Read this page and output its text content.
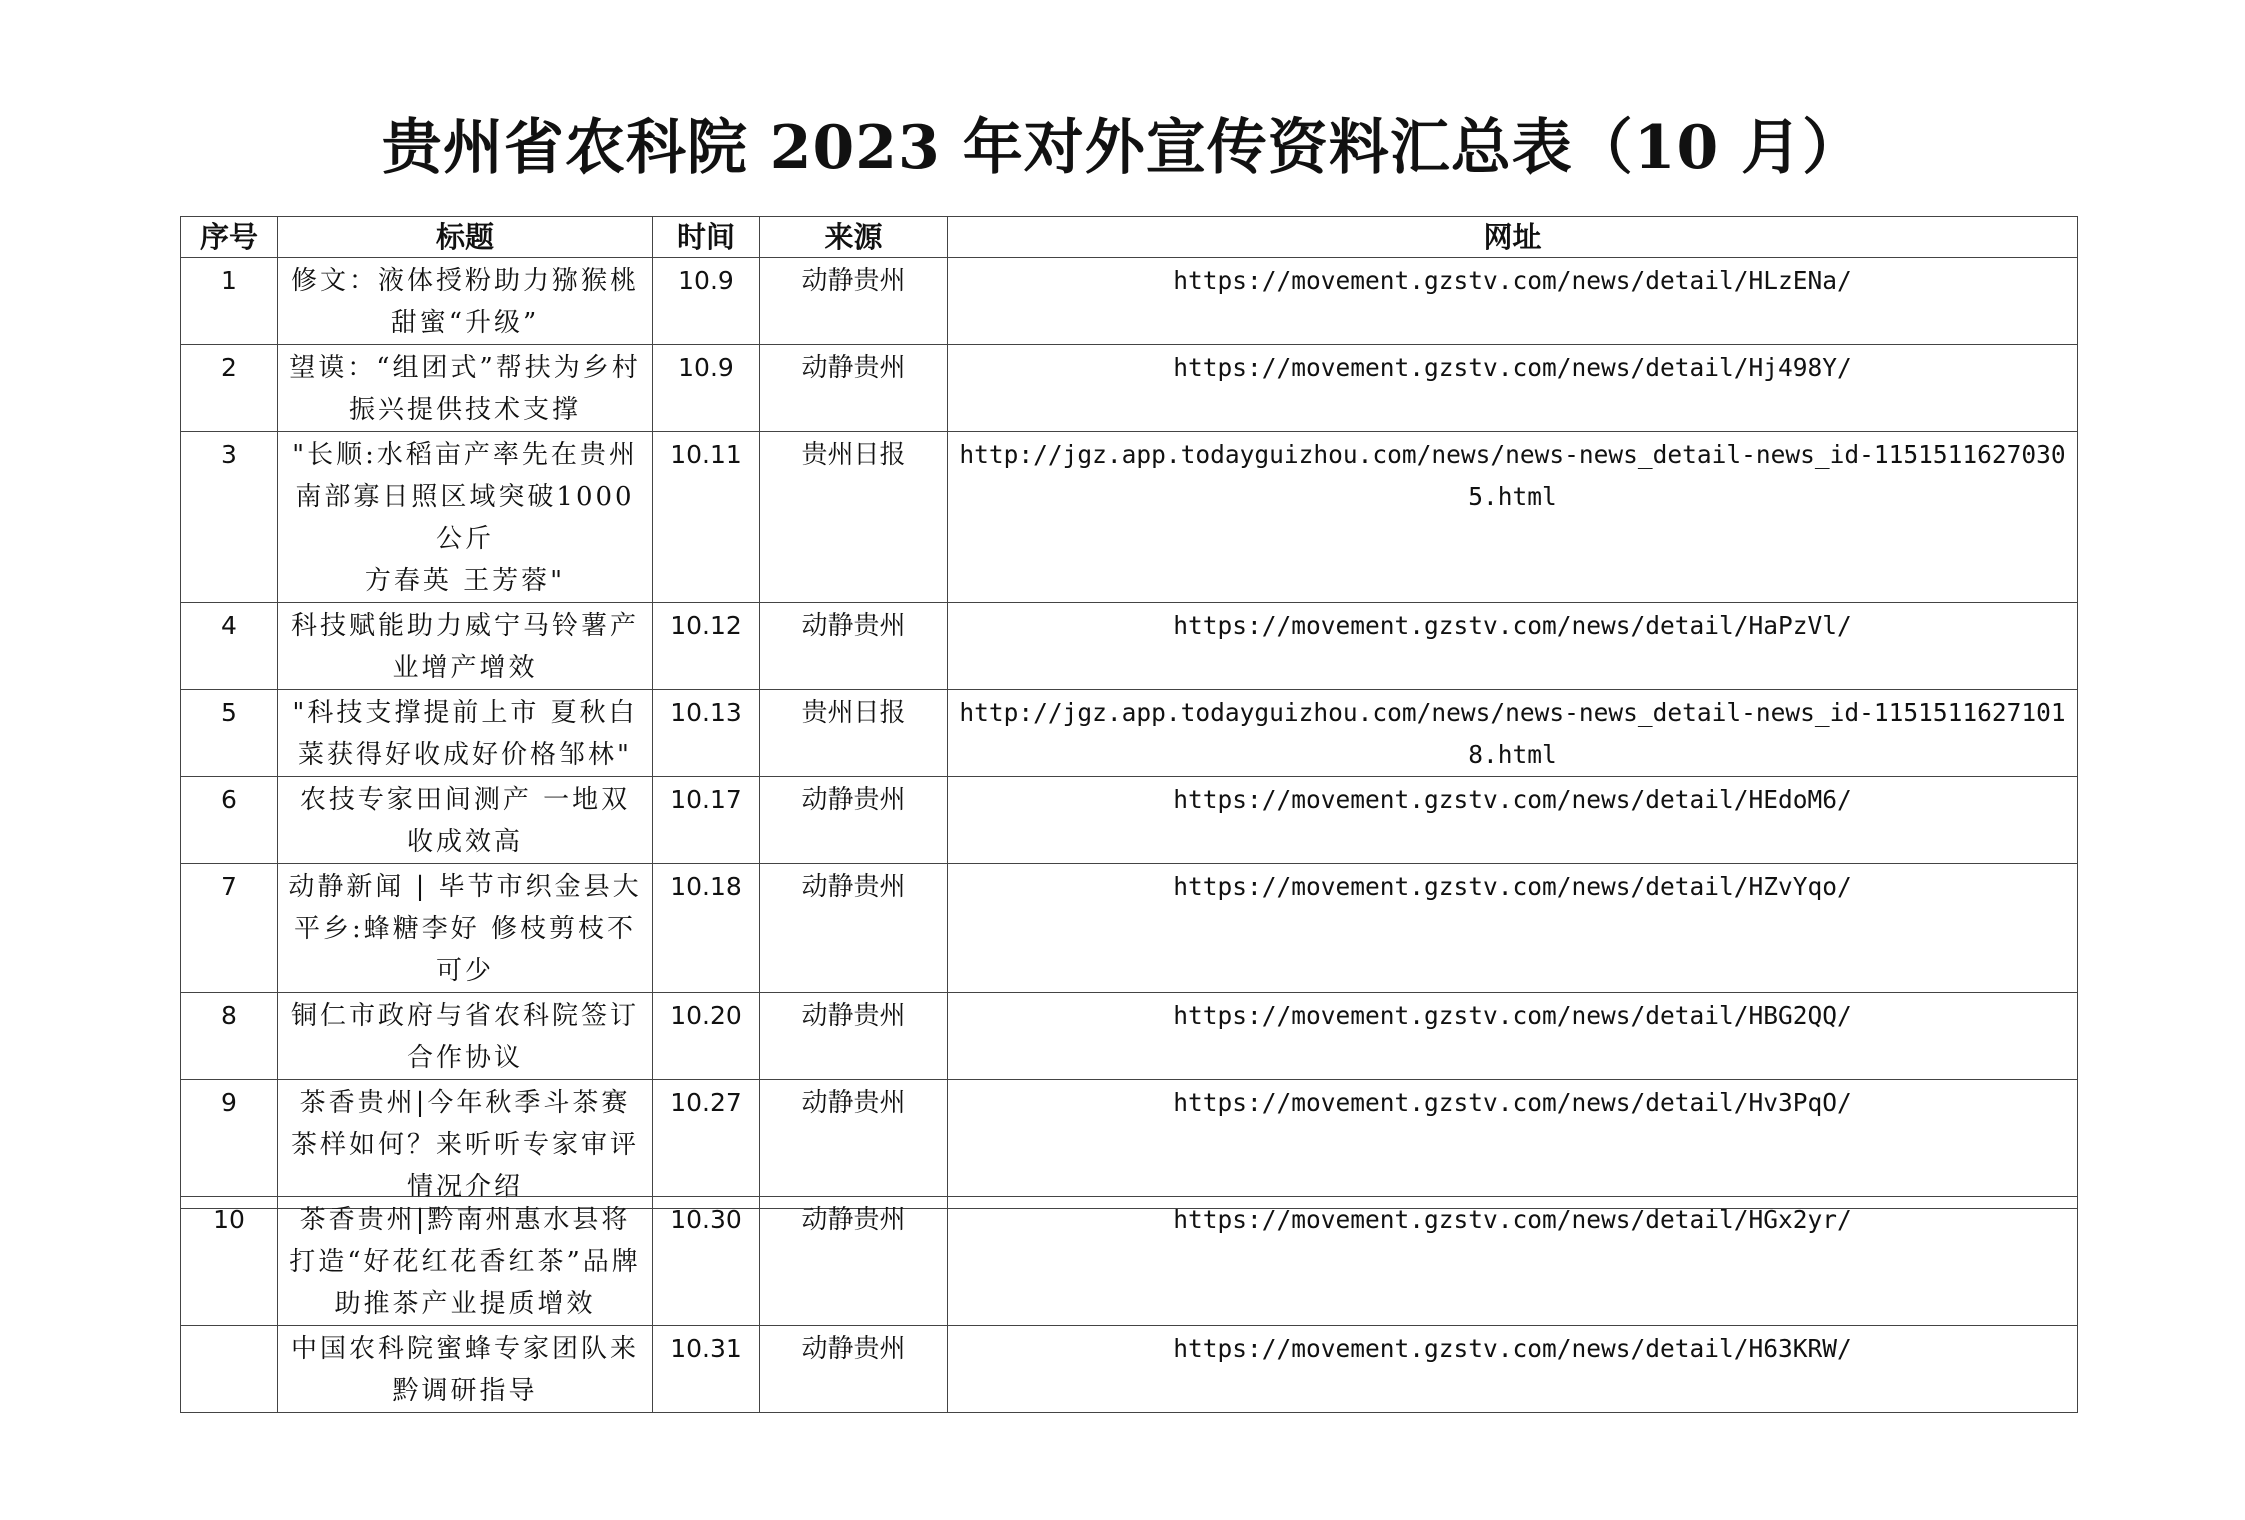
贵州省农科院 2023 年对外宣传资料汇总表（10 月）
序号	标题	时间	来源	网址

1	修文：液体授粉助力猕猴桃甜蜜“升级”	10.9	动静贵州	https://movement.gzstv.com/news/detail/HLzENa/

2	望谟：“组团式”帮扶为乡村振兴提供技术支撑	10.9	动静贵州	https://movement.gzstv.com/news/detail/Hj498Y/

3	"长顺:水稻亩产率先在贵州南部寡日照区域突破1000公斤
方春英 王芳蓉"	10.11	贵州日报	http://jgz.app.todayguizhou.com/news/news-news_detail-news_id-11515116270305.html

4	科技赋能助力威宁马铃薯产业增产增效	10.12	动静贵州	https://movement.gzstv.com/news/detail/HaPzVl/

5	"科技支撑提前上市 夏秋白菜获得好收成好价格邹林"	10.13	贵州日报	http://jgz.app.todayguizhou.com/news/news-news_detail-news_id-11515116271018.html

6	农技专家田间测产 一地双收成效高	10.17	动静贵州	https://movement.gzstv.com/news/detail/HEdoM6/

7	动静新闻 | 毕节市织金县大平乡:蜂糖李好 修枝剪枝不可少	10.18	动静贵州	https://movement.gzstv.com/news/detail/HZvYqo/

8	铜仁市政府与省农科院签订合作协议	10.20	动静贵州	https://movement.gzstv.com/news/detail/HBG2QQ/

9	茶香贵州|今年秋季斗茶赛茶样如何？来听听专家审评情况介绍	10.27	动静贵州	https://movement.gzstv.com/news/detail/Hv3PqO/
10	茶香贵州|黔南州惠水县将打造“好花红花香红茶”品牌 助推茶产业提质增效	10.30	动静贵州	https://movement.gzstv.com/news/detail/HGx2yr/

	中国农科院蜜蜂专家团队来黔调研指导	10.31	动静贵州	https://movement.gzstv.com/news/detail/H63KRW/
